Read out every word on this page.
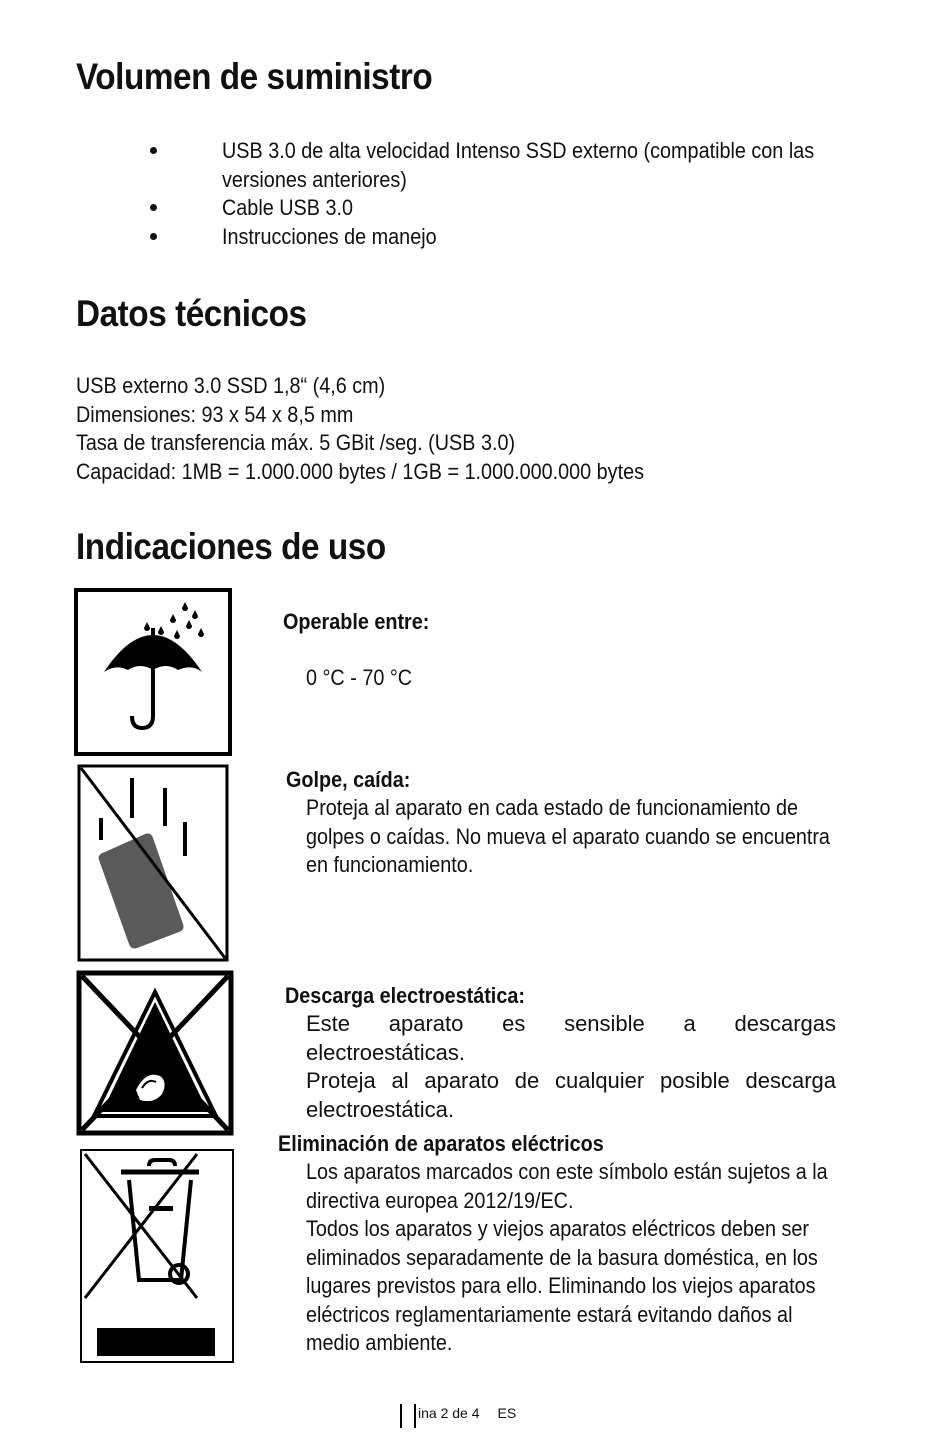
Volumen de suministro
USB 3.0 de alta velocidad Intenso SSD externo (compatible con las
versiones anteriores)
Cable USB 3.0
Instrucciones de manejo
Datos técnicos
USB externo 3.0 SSD 1,8“ (4,6 cm)
Dimensiones: 93 x 54 x 8,5 mm
Tasa de transferencia máx. 5 GBit /seg. (USB 3.0)
Capacidad: 1MB = 1.000.000 bytes / 1GB = 1.000.000.000 bytes
Indicaciones de uso
Operable entre:
0 °C - 70 °C
Golpe, caída:
Proteja al aparato en cada estado de funcionamiento de
golpes o caídas. No mueva el aparato cuando se encuentra
en funcionamiento.
Descarga electroestática:
Este aparato es sensible a descargas electroestáticas.
Proteja al aparato de cualquier posible descarga
electroestática.
Eliminación de aparatos eléctricos
Los aparatos marcados con este símbolo están sujetos a la
directiva europea 2012/19/EC.
Todos los aparatos y viejos aparatos eléctricos deben ser
eliminados separadamente de la basura doméstica, en los
lugares previstos para ello. Eliminando los viejos aparatos
eléctricos reglamentariamente estará evitando daños al
medio ambiente.
ina 2 de 4 ES
